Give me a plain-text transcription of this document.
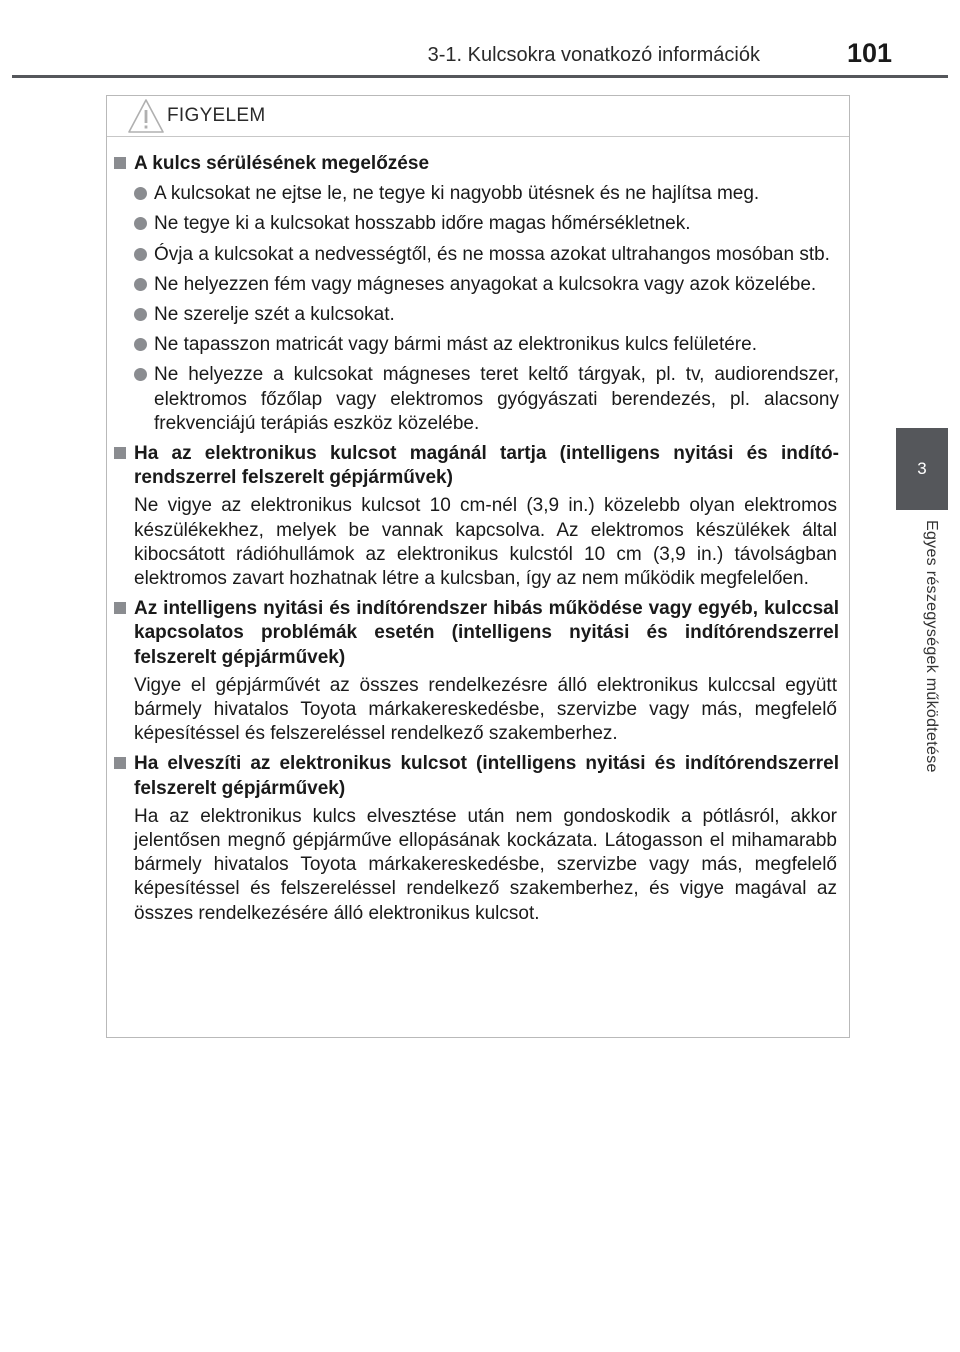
3-1. Kulcsokra vonatkozó információk	101
3
Egyes részegységek működtetése
FIGYELEM
A kulcs sérülésének megelőzése
A kulcsokat ne ejtse le, ne tegye ki nagyobb ütésnek és ne hajlítsa meg.
Ne tegye ki a kulcsokat hosszabb időre magas hőmérsékletnek.
Óvja a kulcsokat a nedvességtől, és ne mossa azokat ultrahangos mosóban stb.
Ne helyezzen fém vagy mágneses anyagokat a kulcsokra vagy azok közelébe.
Ne szerelje szét a kulcsokat.
Ne tapasszon matricát vagy bármi mást az elektronikus kulcs felületére.
Ne helyezze a kulcsokat mágneses teret keltő tárgyak, pl. tv, audiorendszer, elektromos főzőlap vagy elektromos gyógyászati berendezés, pl. alacsony frekvenciájú terápiás eszköz közelébe.
Ha az elektronikus kulcsot magánál tartja (intelligens nyitási és indítórendszerrel felszerelt gépjárművek)
Ne vigye az elektronikus kulcsot 10 cm-nél (3,9 in.) közelebb olyan elektromos készülékekhez, melyek be vannak kapcsolva. Az elektromos készülékek által kibocsátott rádióhullámok az elektronikus kulcstól 10 cm (3,9 in.) távolságban elektromos zavart hozhatnak létre a kulcsban, így az nem működik megfelelően.
Az intelligens nyitási és indítórendszer hibás működése vagy egyéb, kulccsal kapcsolatos problémák esetén (intelligens nyitási és indítórendszerrel felszerelt gépjárművek)
Vigye el gépjárművét az összes rendelkezésre álló elektronikus kulccsal együtt bármely hivatalos Toyota márkakereskedésbe, szervizbe vagy más, megfelelő képesítéssel és felszereléssel rendelkező szakemberhez.
Ha elveszíti az elektronikus kulcsot (intelligens nyitási és indítórendszerrel felszerelt gépjárművek)
Ha az elektronikus kulcs elvesztése után nem gondoskodik a pótlásról, akkor jelentősen megnő gépjárműve ellopásának kockázata. Látogasson el mihamarabb bármely hivatalos Toyota márkakereskedésbe, szervizbe vagy más, megfelelő képesítéssel és felszereléssel rendelkező szakemberhez, és vigye magával az összes rendelkezésére álló elektronikus kulcsot.
